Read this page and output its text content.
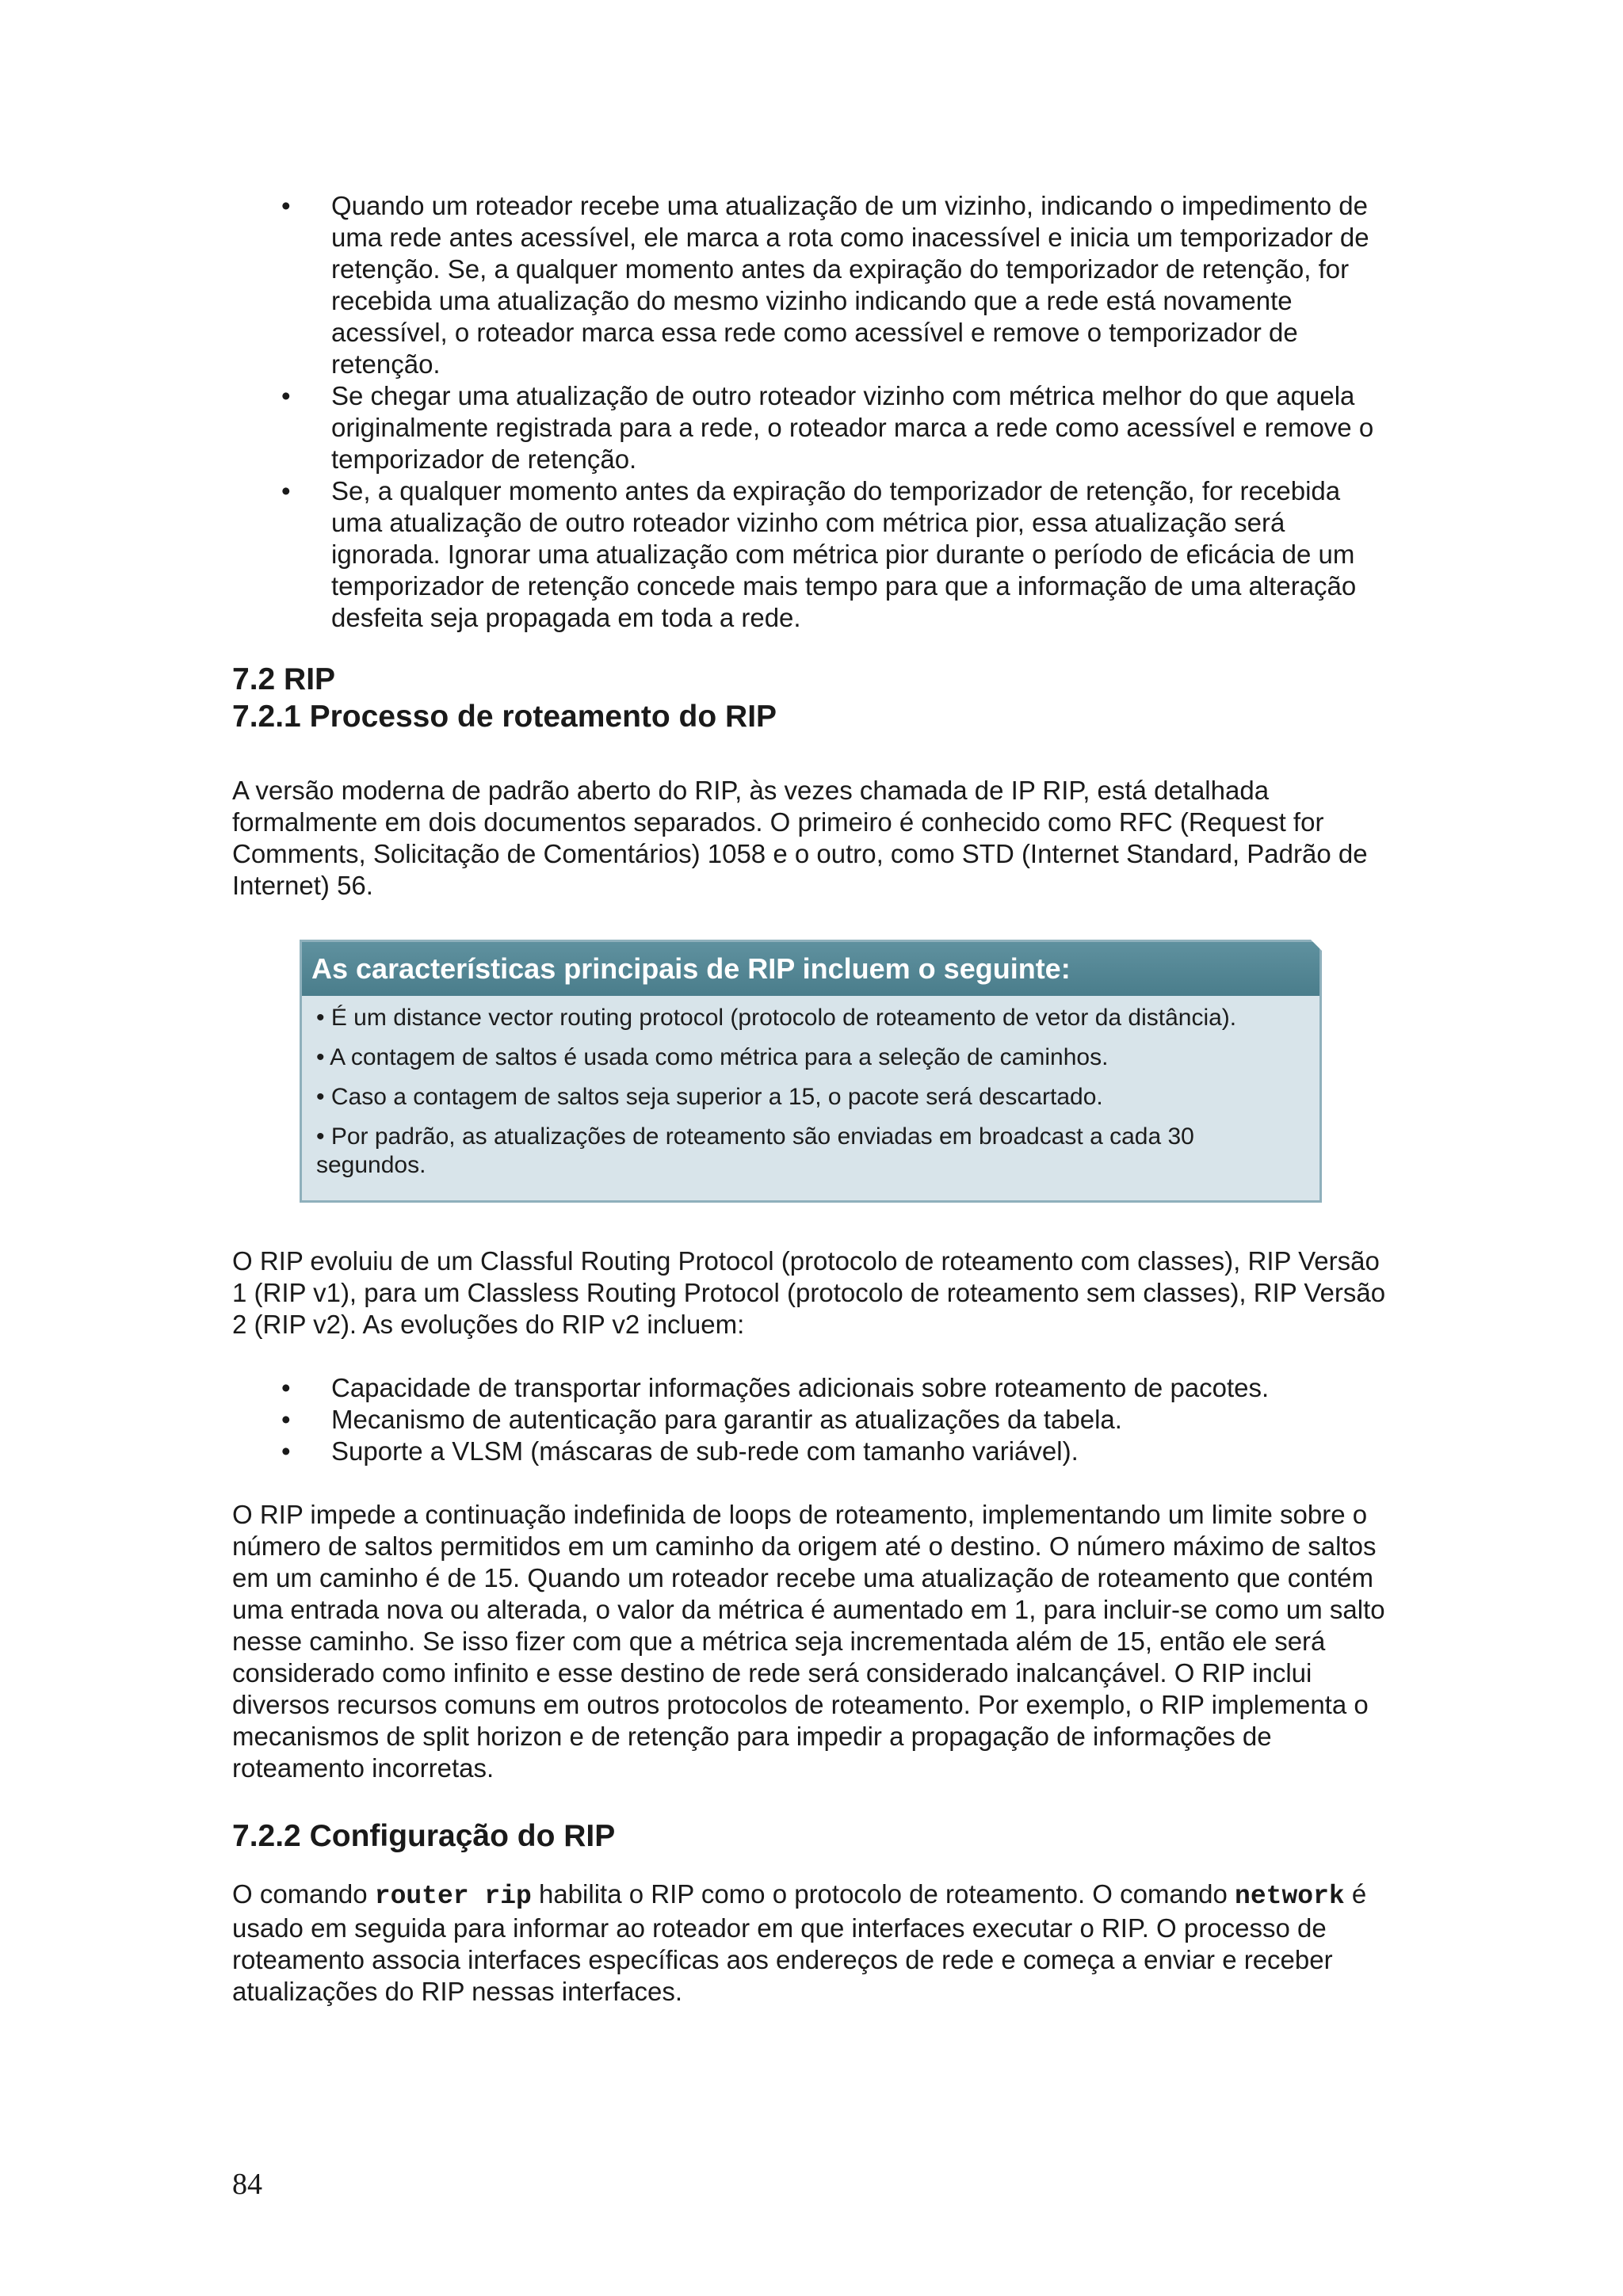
• Quando um roteador recebe uma atualização de um vizinho, indicando o impedimento de uma rede antes acessível, ele marca a rota como inacessível e inicia um temporizador de retenção. Se, a qualquer momento antes da expiração do temporizador de retenção, for recebida uma atualização do mesmo vizinho indicando que a rede está novamente acessível, o roteador marca essa rede como acessível e remove o temporizador de retenção.
• Se chegar uma atualização de outro roteador vizinho com métrica melhor do que aquela originalmente registrada para a rede, o roteador marca a rede como acessível e remove o temporizador de retenção.
• Se, a qualquer momento antes da expiração do temporizador de retenção, for recebida uma atualização de outro roteador vizinho com métrica pior, essa atualização será ignorada. Ignorar uma atualização com métrica pior durante o período de eficácia de um temporizador de retenção concede mais tempo para que a informação de uma alteração desfeita seja propagada em toda a rede.
7.2 RIP
7.2.1 Processo de roteamento do RIP

A versão moderna de padrão aberto do RIP, às vezes chamada de IP RIP, está detalhada formalmente em dois documentos separados. O primeiro é conhecido como RFC (Request for Comments, Solicitação de Comentários) 1058 e o outro, como STD (Internet Standard, Padrão de Internet) 56.

As características principais de RIP incluem o seguinte:

• É um distance vector routing protocol (protocolo de roteamento de vetor da distância).

• A contagem de saltos é usada como métrica para a seleção de caminhos.

• Caso a contagem de saltos seja superior a 15, o pacote será descartado.

• Por padrão, as atualizações de roteamento são enviadas em broadcast a cada 30 segundos.

O RIP evoluiu de um Classful Routing Protocol (protocolo de roteamento com classes), RIP Versão 1 (RIP v1), para um Classless Routing Protocol (protocolo de roteamento sem classes), RIP Versão 2 (RIP v2). As evoluções do RIP v2 incluem:

• Capacidade de transportar informações adicionais sobre roteamento de pacotes.
• Mecanismo de autenticação para garantir as atualizações da tabela.
• Suporte a VLSM (máscaras de sub-rede com tamanho variável).

O RIP impede a continuação indefinida de loops de roteamento, implementando um limite sobre o número de saltos permitidos em um caminho da origem até o destino. O número máximo de saltos em um caminho é de 15. Quando um roteador recebe uma atualização de roteamento que contém uma entrada nova ou alterada, o valor da métrica é aumentado em 1, para incluir-se como um salto nesse caminho. Se isso fizer com que a métrica seja incrementada além de 15, então ele será considerado como infinito e esse destino de rede será considerado inalcançável. O RIP inclui diversos recursos comuns em outros protocolos de roteamento. Por exemplo, o RIP implementa o mecanismos de split horizon e de retenção para impedir a propagação de informações de roteamento incorretas.

7.2.2 Configuração do RIP

O comando router rip habilita o RIP como o protocolo de roteamento. O comando network é usado em seguida para informar ao roteador em que interfaces executar o RIP. O processo de roteamento associa interfaces específicas aos endereços de rede e começa a enviar e receber atualizações do RIP nessas interfaces.

84
